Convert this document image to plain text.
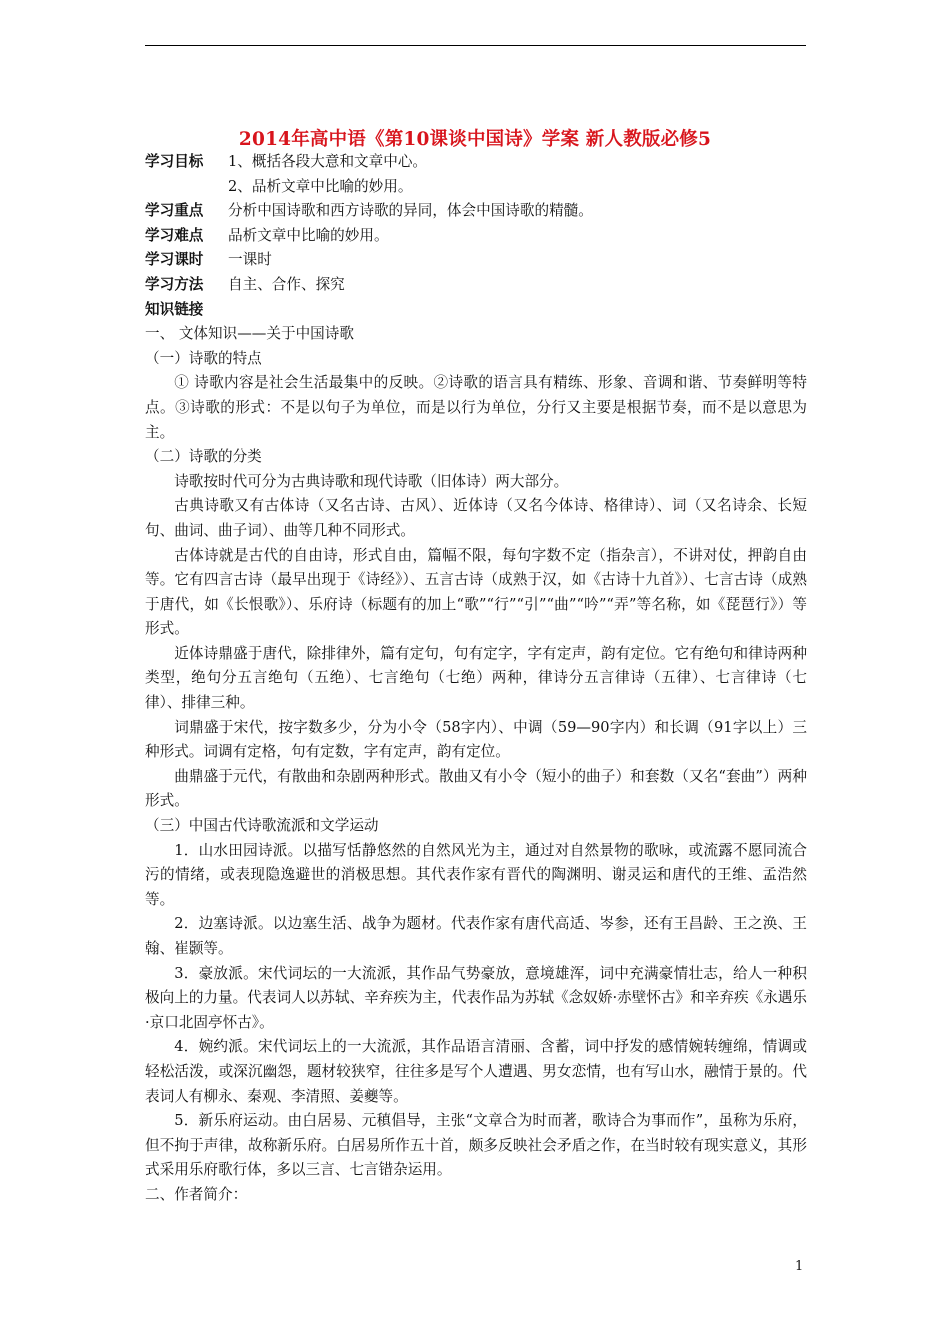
2014年高中语《第10课谈中国诗》学案 新人教版必修5
学习目标 1、概括各段大意和文章中心。
2、品析文章中比喻的妙用。
学习重点 分析中国诗歌和西方诗歌的异同，体会中国诗歌的精髓。
学习难点 品析文章中比喻的妙用。
学习课时 一课时
学习方法 自主、合作、探究
知识链接
一、 文体知识——关于中国诗歌
（一）诗歌的特点
① 诗歌内容是社会生活最集中的反映。②诗歌的语言具有精练、形象、音调和谐、节奏鲜明等特点。③诗歌的形式：不是以句子为单位，而是以行为单位，分行又主要是根据节奏，而不是以意思为主。
（二）诗歌的分类
诗歌按时代可分为古典诗歌和现代诗歌（旧体诗）两大部分。
古典诗歌又有古体诗（又名古诗、古风）、近体诗（又名今体诗、格律诗）、词（又名诗余、长短句、曲词、曲子词）、曲等几种不同形式。
古体诗就是古代的自由诗，形式自由，篇幅不限，每句字数不定（指杂言），不讲对仗，押韵自由等。它有四言古诗（最早出现于《诗经》）、五言古诗（成熟于汉，如《古诗十九首》）、七言古诗（成熟于唐代，如《长恨歌》）、乐府诗（标题有的加上“歌”“行”“引”“曲”“吟”“弄”等名称，如《琵琶行》）等形式。
近体诗鼎盛于唐代，除排律外，篇有定句，句有定字，字有定声，韵有定位。它有绝句和律诗两种类型，绝句分五言绝句（五绝）、七言绝句（七绝）两种，律诗分五言律诗（五律）、七言律诗（七律）、排律三种。
词鼎盛于宋代，按字数多少，分为小令（58字内）、中调（59—90字内）和长调（91字以上）三种形式。词调有定格，句有定数，字有定声，韵有定位。
曲鼎盛于元代，有散曲和杂剧两种形式。散曲又有小令（短小的曲子）和套数（又名“套曲”）两种形式。
（三）中国古代诗歌流派和文学运动
1．山水田园诗派。以描写恬静悠然的自然风光为主，通过对自然景物的歌咏，或流露不愿同流合污的情绪，或表现隐逸避世的消极思想。其代表作家有晋代的陶渊明、谢灵运和唐代的王维、孟浩然等。
2．边塞诗派。以边塞生活、战争为题材。代表作家有唐代高适、岑参，还有王昌龄、王之涣、王翰、崔颢等。
3．豪放派。宋代词坛的一大流派，其作品气势豪放，意境雄浑，词中充满豪情壮志，给人一种积极向上的力量。代表词人以苏轼、辛弃疾为主，代表作品为苏轼《念奴娇·赤壁怀古》和辛弃疾《永遇乐·京口北固亭怀古》。
4．婉约派。宋代词坛上的一大流派，其作品语言清丽、含蓄，词中抒发的感情婉转缠绵，情调或轻松活泼，或深沉幽怨，题材较狭窄，往往多是写个人遭遇、男女恋情，也有写山水，融情于景的。代表词人有柳永、秦观、李清照、姜夔等。
5．新乐府运动。由白居易、元稹倡导，主张“文章合为时而著，歌诗合为事而作”，虽称为乐府，但不拘于声律，故称新乐府。白居易所作五十首，颇多反映社会矛盾之作，在当时较有现实意义，其形式采用乐府歌行体，多以三言、七言错杂运用。
二、作者简介：
1
